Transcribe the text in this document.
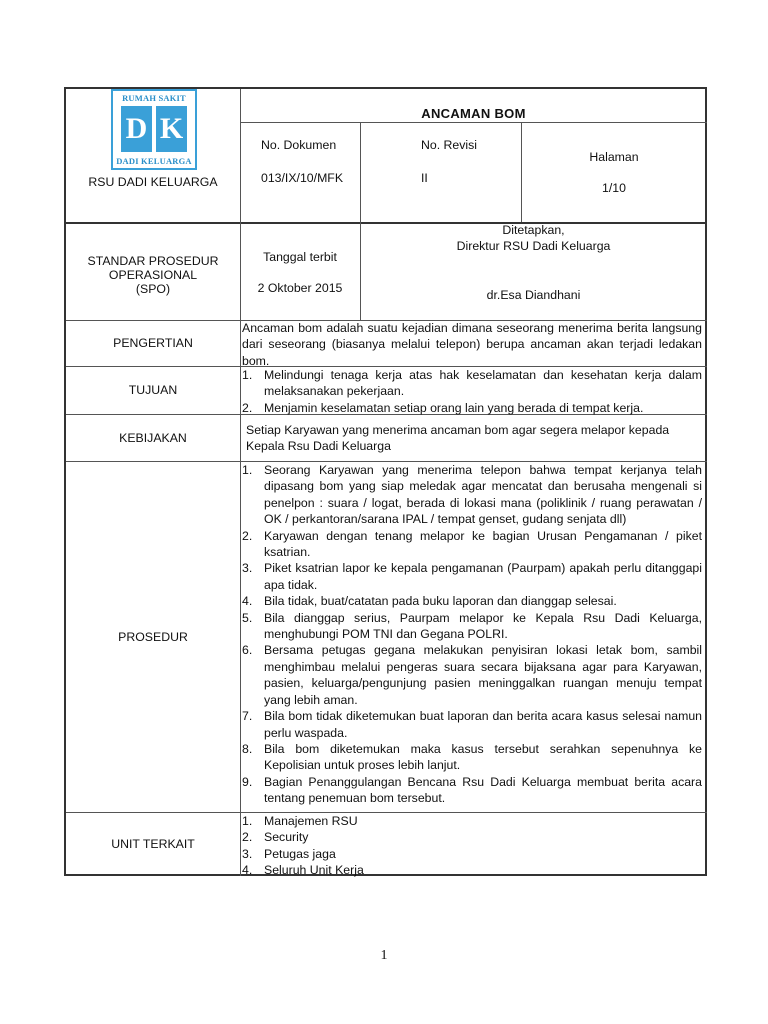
RUMAH SAKIT
D K
DADI KELUARGA
RSU DADI KELUARGA
ANCAMAN BOM
No. Dokumen
013/IX/10/MFK
No. Revisi
II
Halaman
1/10
STANDAR PROSEDUR
OPERASIONAL
(SPO)
Tanggal terbit
2 Oktober 2015
Ditetapkan,
Direktur RSU Dadi Keluarga
dr.Esa Diandhani
PENGERTIAN
Ancaman bom adalah suatu kejadian dimana seseorang menerima berita langsung dari seseorang (biasanya melalui telepon) berupa ancaman akan terjadi ledakan bom.
TUJUAN
1. Melindungi tenaga kerja atas hak keselamatan dan kesehatan kerja dalam melaksanakan pekerjaan.
2. Menjamin keselamatan setiap orang lain yang berada di tempat kerja.
KEBIJAKAN
Setiap Karyawan yang menerima ancaman bom agar segera melapor kepada Kepala Rsu Dadi Keluarga
PROSEDUR
1. Seorang Karyawan yang menerima telepon bahwa tempat kerjanya telah dipasang bom yang siap meledak agar mencatat dan berusaha mengenali si penelpon : suara / logat, berada di lokasi mana (poliklinik / ruang perawatan / OK / perkantoran/sarana IPAL / tempat genset, gudang senjata dll)
2. Karyawan dengan tenang melapor ke bagian Urusan Pengamanan / piket ksatrian.
3. Piket ksatrian lapor ke kepala pengamanan (Paurpam) apakah perlu ditanggapi apa tidak.
4. Bila tidak, buat/catatan pada buku laporan dan dianggap selesai.
5. Bila dianggap serius, Paurpam melapor ke Kepala Rsu Dadi Keluarga, menghubungi POM TNI dan Gegana POLRI.
6. Bersama petugas gegana melakukan penyisiran lokasi letak bom, sambil menghimbau melalui pengeras suara secara bijaksana agar para Karyawan, pasien, keluarga/pengunjung pasien meninggalkan ruangan menuju tempat yang lebih aman.
7. Bila bom tidak diketemukan buat laporan dan berita acara kasus selesai namun perlu waspada.
8. Bila bom diketemukan maka kasus tersebut serahkan sepenuhnya ke Kepolisian untuk proses lebih lanjut.
9. Bagian Penanggulangan Bencana Rsu Dadi Keluarga membuat berita acara tentang penemuan bom tersebut.
UNIT TERKAIT
1. Manajemen RSU
2. Security
3. Petugas jaga
4. Seluruh Unit Kerja
1
